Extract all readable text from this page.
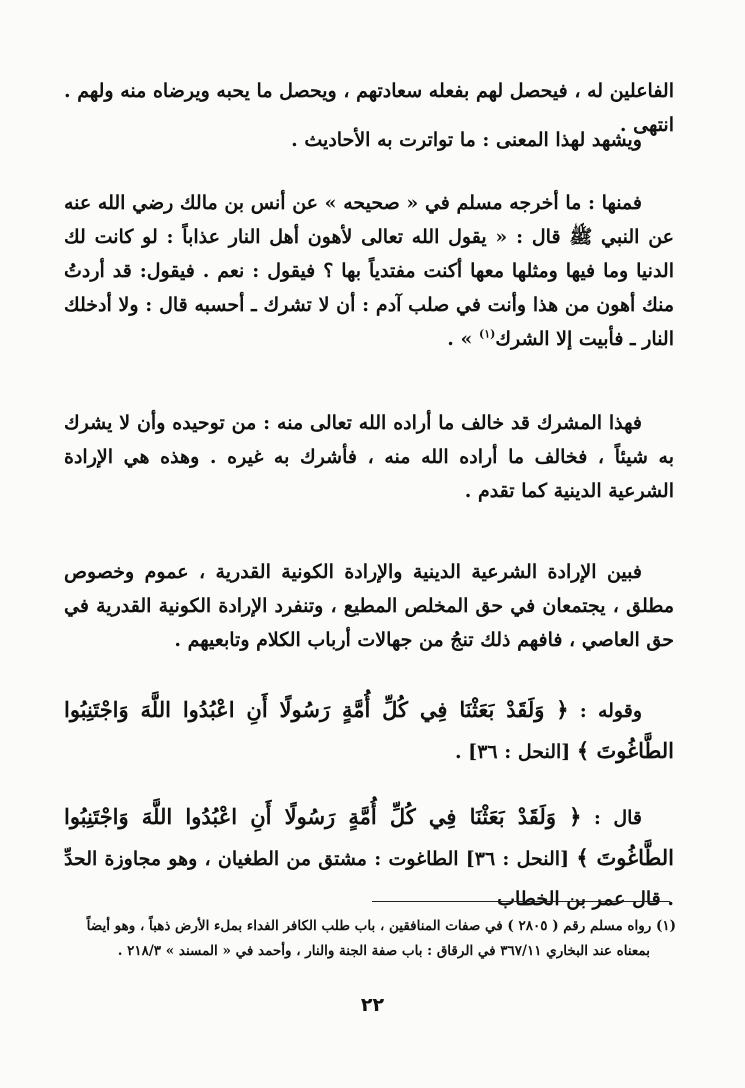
الفاعلين له ، فيحصل لهم بفعله سعادتهم ، ويحصل ما يحبه ويرضاه منه ولهم . انتهى .

ويشهد لهذا المعنى : ما تواترت به الأحاديث .

فمنها : ما أخرجه مسلم في « صحيحه » عن أنس بن مالك رضي الله عنه عن النبي ﷺ قال : « يقول الله تعالى لأهون أهل النار عذاباً : لو كانت لك الدنيا وما فيها ومثلها معها أكنت مفتدياً بها ؟ فيقول : نعم . فيقول: قد أردتُ منك أهون من هذا وأنت في صلب آدم : أن لا تشرك ـ أحسبه قال : ولا أدخلك النار ـ فأبيت إلا الشرك$^{(١)}$ » .

فهذا المشرك قد خالف ما أراده الله تعالى منه : من توحيده وأن لا يشرك به شيئاً ، فخالف ما أراده الله منه ، فأشرك به غيره . وهذه هي الإرادة الشرعية الدينية كما تقدم .

فبين الإرادة الشرعية الدينية والإرادة الكونية القدرية ، عموم وخصوص مطلق ، يجتمعان في حق المخلص المطيع ، وتنفرد الإرادة الكونية القدرية في حق العاصي ، فافهم ذلك تنجُ من جهالات أرباب الكلام وتابعيهم .

وقوله : ﴿ وَلَقَدْ بَعَثْنَا فِي كُلِّ أُمَّةٍ رَسُولًا أَنِ اعْبُدُوا اللَّهَ وَاجْتَنِبُوا الطَّاغُوتَ ﴾ [النحل : ٣٦] .

قال : ﴿ وَلَقَدْ بَعَثْنَا فِي كُلِّ أُمَّةٍ رَسُولًا أَنِ اعْبُدُوا اللَّهَ وَاجْتَنِبُوا الطَّاغُوتَ ﴾ [النحل : ٣٦] الطاغوت : مشتق من الطغيان ، وهو مجاوزة الحدِّ . قال عمر بن الخطاب

(١) رواه مسلم رقم ( ٢٨٠٥ ) في صفات المنافقين ، باب طلب الكافر الفداء بملء الأرض ذهباً ، وهو أيضاً

بمعناه عند البخاري ٣٦٧/١١ في الرقاق : باب صفة الجنة والنار ، وأحمد في « المسند » ٢١٨/٣ .

٢٢
